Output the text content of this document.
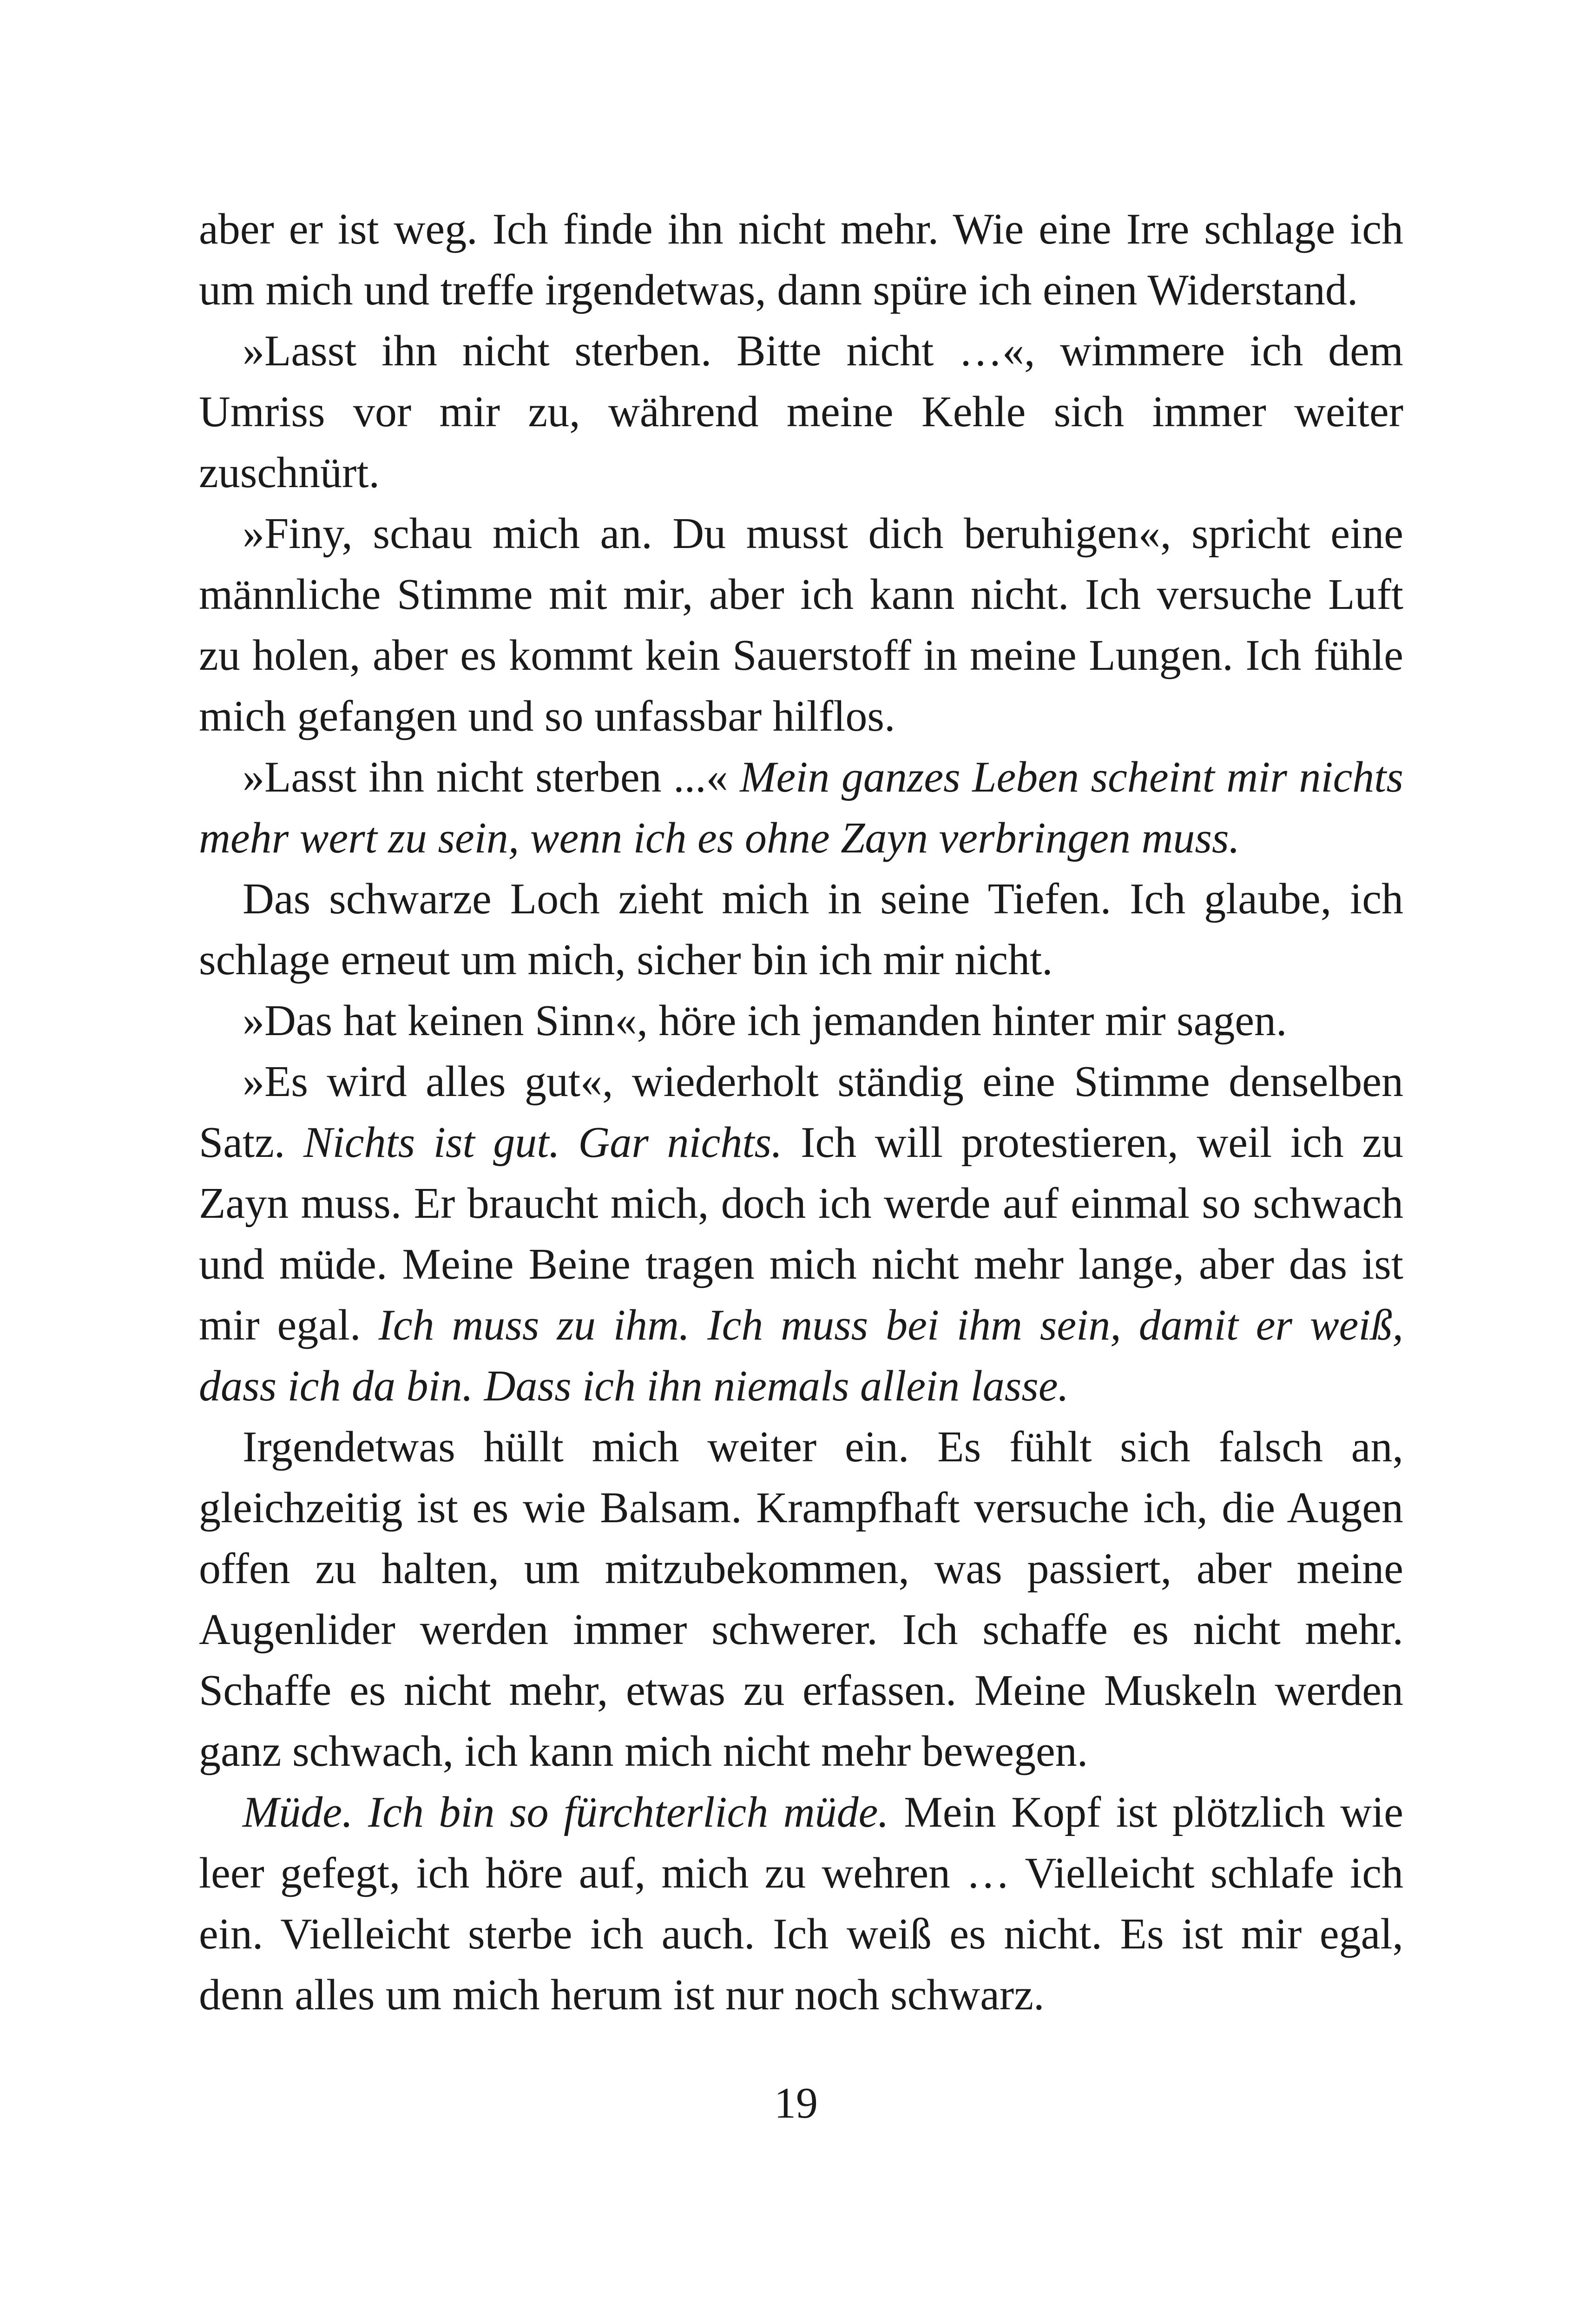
aber er ist weg. Ich finde ihn nicht mehr. Wie eine Irre schlage ich um mich und treffe irgendetwas, dann spüre ich einen Widerstand.

»Lasst ihn nicht sterben. Bitte nicht …«, wimmere ich dem Umriss vor mir zu, während meine Kehle sich immer weiter zuschnürt.

»Finy, schau mich an. Du musst dich beruhigen«, spricht eine männliche Stimme mit mir, aber ich kann nicht. Ich versuche Luft zu holen, aber es kommt kein Sauerstoff in meine Lungen. Ich fühle mich gefangen und so unfassbar hilflos.

»Lasst ihn nicht sterben ...« Mein ganzes Leben scheint mir nichts mehr wert zu sein, wenn ich es ohne Zayn verbringen muss.

Das schwarze Loch zieht mich in seine Tiefen. Ich glaube, ich schlage erneut um mich, sicher bin ich mir nicht.

»Das hat keinen Sinn«, höre ich jemanden hinter mir sagen.

»Es wird alles gut«, wiederholt ständig eine Stimme denselben Satz. Nichts ist gut. Gar nichts. Ich will protestieren, weil ich zu Zayn muss. Er braucht mich, doch ich werde auf einmal so schwach und müde. Meine Beine tragen mich nicht mehr lange, aber das ist mir egal. Ich muss zu ihm. Ich muss bei ihm sein, damit er weiß, dass ich da bin. Dass ich ihn niemals allein lasse.

Irgendetwas hüllt mich weiter ein. Es fühlt sich falsch an, gleichzeitig ist es wie Balsam. Krampfhaft versuche ich, die Augen offen zu halten, um mitzubekommen, was passiert, aber meine Augenlider werden immer schwerer. Ich schaffe es nicht mehr. Schaffe es nicht mehr, etwas zu erfassen. Meine Muskeln werden ganz schwach, ich kann mich nicht mehr bewegen.

Müde. Ich bin so fürchterlich müde. Mein Kopf ist plötzlich wie leer gefegt, ich höre auf, mich zu wehren … Vielleicht schlafe ich ein. Vielleicht sterbe ich auch. Ich weiß es nicht. Es ist mir egal, denn alles um mich herum ist nur noch schwarz.

19
